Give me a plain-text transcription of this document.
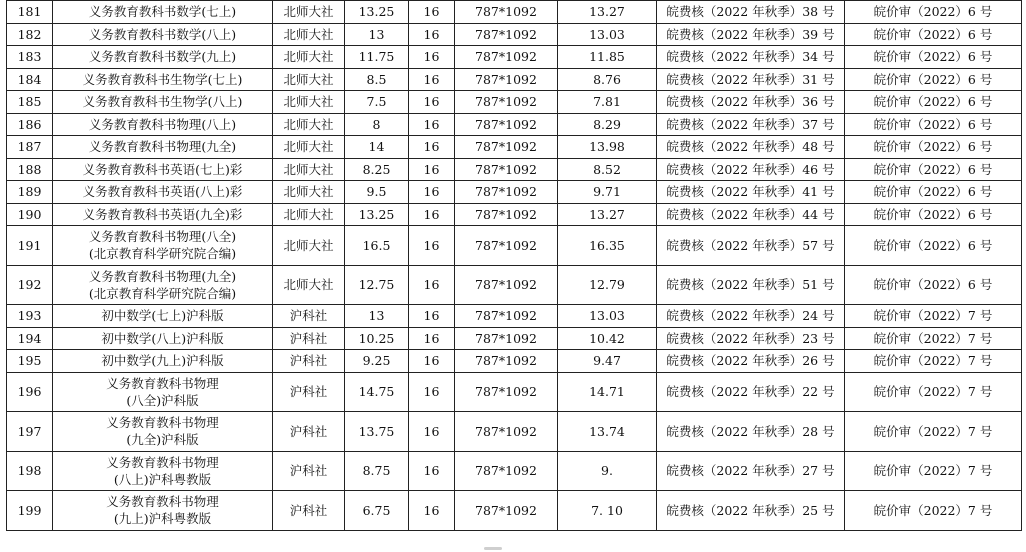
181	义务教育教科书数学(七上)	北师大社	13.25	16	787*1092	13.27	皖费核（2022 年秋季）38 号	皖价审（2022）6 号
182	义务教育教科书数学(八上)	北师大社	13	16	787*1092	13.03	皖费核（2022 年秋季）39 号	皖价审（2022）6 号
183	义务教育教科书数学(九上)	北师大社	11.75	16	787*1092	11.85	皖费核（2022 年秋季）34 号	皖价审（2022）6 号
184	义务教育教科书生物学(七上)	北师大社	8.5	16	787*1092	8.76	皖费核（2022 年秋季）31 号	皖价审（2022）6 号
185	义务教育教科书生物学(八上)	北师大社	7.5	16	787*1092	7.81	皖费核（2022 年秋季）36 号	皖价审（2022）6 号
186	义务教育教科书物理(八上)	北师大社	8	16	787*1092	8.29	皖费核（2022 年秋季）37 号	皖价审（2022）6 号
187	义务教育教科书物理(九全)	北师大社	14	16	787*1092	13.98	皖费核（2022 年秋季）48 号	皖价审（2022）6 号
188	义务教育教科书英语(七上)彩	北师大社	8.25	16	787*1092	8.52	皖费核（2022 年秋季）46 号	皖价审（2022）6 号
189	义务教育教科书英语(八上)彩	北师大社	9.5	16	787*1092	9.71	皖费核（2022 年秋季）41 号	皖价审（2022）6 号
190	义务教育教科书英语(九全)彩	北师大社	13.25	16	787*1092	13.27	皖费核（2022 年秋季）44 号	皖价审（2022）6 号
191	义务教育教科书物理(八全)
(北京教育科学研究院合编)	北师大社	16.5	16	787*1092	16.35	皖费核（2022 年秋季）57 号	皖价审（2022）6 号
192	义务教育教科书物理(九全)
(北京教育科学研究院合编)	北师大社	12.75	16	787*1092	12.79	皖费核（2022 年秋季）51 号	皖价审（2022）6 号
193	初中数学(七上)沪科版	沪科社	13	16	787*1092	13.03	皖费核（2022 年秋季）24 号	皖价审（2022）7 号
194	初中数学(八上)沪科版	沪科社	10.25	16	787*1092	10.42	皖费核（2022 年秋季）23 号	皖价审（2022）7 号
195	初中数学(九上)沪科版	沪科社	9.25	16	787*1092	9.47	皖费核（2022 年秋季）26 号	皖价审（2022）7 号
196	义务教育教科书物理
(八全)沪科版	沪科社	14.75	16	787*1092	14.71	皖费核（2022 年秋季）22 号	皖价审（2022）7 号
197	义务教育教科书物理
(九全)沪科版	沪科社	13.75	16	787*1092	13.74	皖费核（2022 年秋季）28 号	皖价审（2022）7 号
198	义务教育教科书物理
(八上)沪科粤教版	沪科社	8.75	16	787*1092	9.	皖费核（2022 年秋季）27 号	皖价审（2022）7 号
199	义务教育教科书物理
(九上)沪科粤教版	沪科社	6.75	16	787*1092	7. 10	皖费核（2022 年秋季）25 号	皖价审（2022）7 号
